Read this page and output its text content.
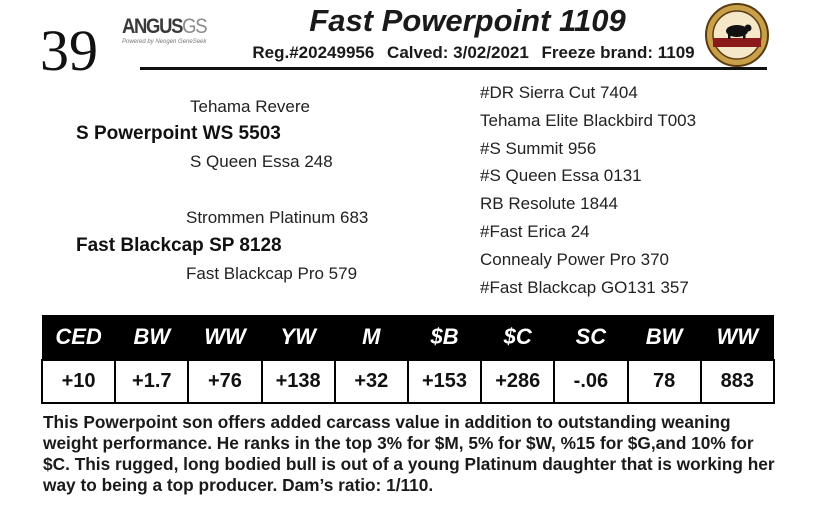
39 ANGUSGS
Powered by Neogen GeneSeek
Fast Powerpoint 1109
Reg.#20249956 Calved: 3/02/2021 Freeze brand: 1109
Tehama Revere
S Powerpoint WS 5503
S Queen Essa 248
Strommen Platinum 683
Fast Blackcap SP 8128
Fast Blackcap Pro 579
#DR Sierra Cut 7404
Tehama Elite Blackbird T003
#S Summit 956
#S Queen Essa 0131
RB Resolute 1844
#Fast Erica 24
Connealy Power Pro 370
#Fast Blackcap GO131 357
CED	BW	WW	YW	M	$B	$C	SC	BW	WW
+10	+1.7	+76	+138	+32	+153	+286	-.06	78	883
This Powerpoint son offers added carcass value in addition to outstanding weaning weight performance. He ranks in the top 3% for $M, 5% for $W, %15 for $G,and 10% for $C. This rugged, long bodied bull is out of a young Platinum daughter that is working her way to being a top producer. Dam’s ratio: 1/110.
